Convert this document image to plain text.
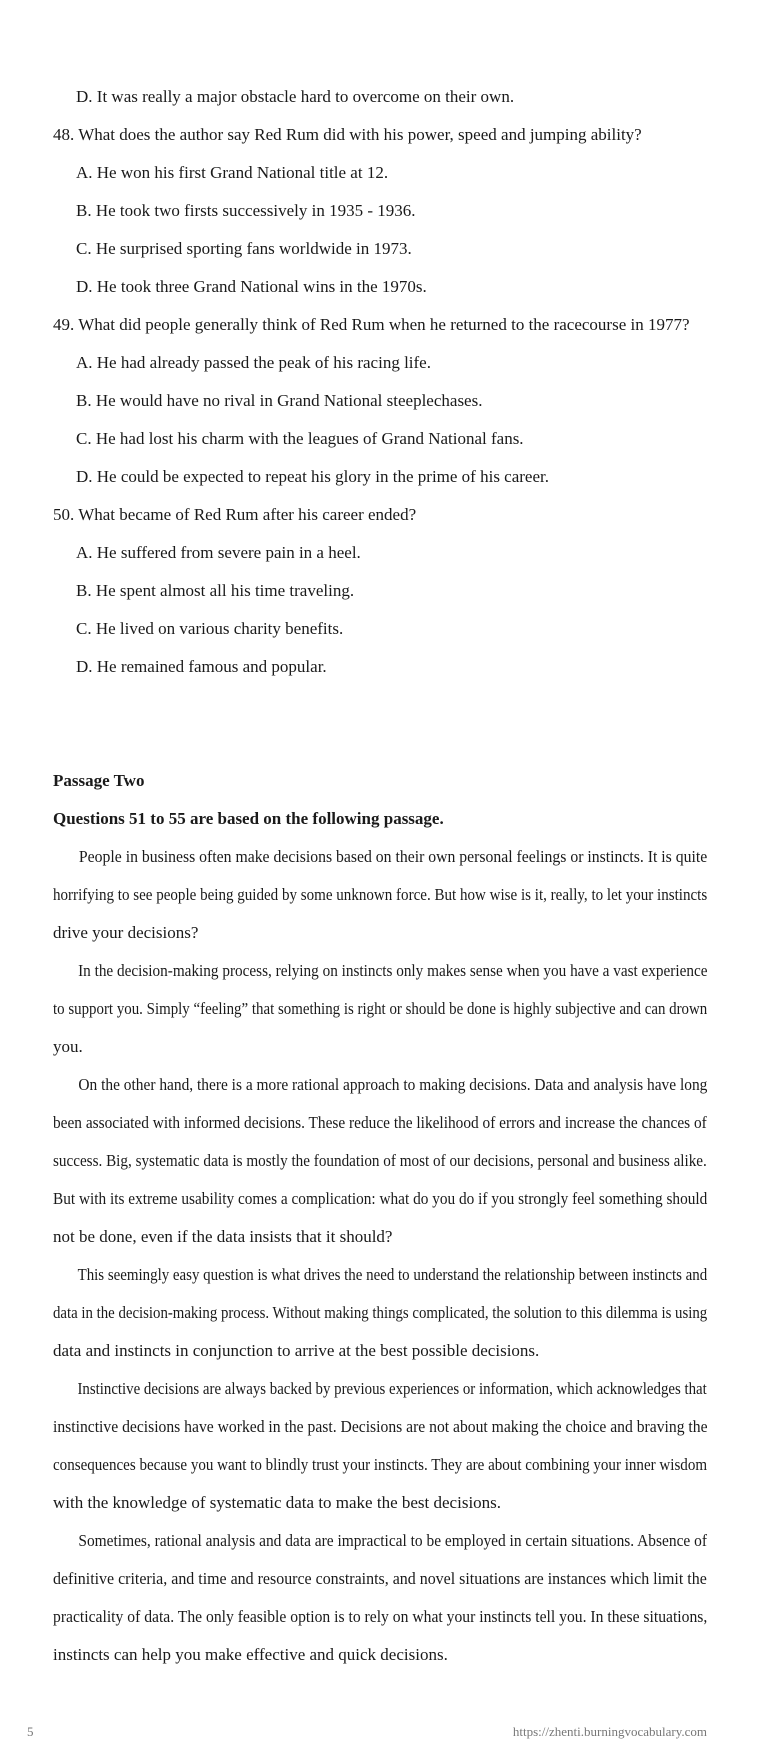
D. It was really a major obstacle hard to overcome on their own.
48. What does the author say Red Rum did with his power, speed and jumping ability?
A. He won his first Grand National title at 12.
B. He took two firsts successively in 1935 - 1936.
C. He surprised sporting fans worldwide in 1973.
D. He took three Grand National wins in the 1970s.
49. What did people generally think of Red Rum when he returned to the racecourse in 1977?
A. He had already passed the peak of his racing life.
B. He would have no rival in Grand National steeplechases.
C. He had lost his charm with the leagues of Grand National fans.
D. He could be expected to repeat his glory in the prime of his career.
50. What became of Red Rum after his career ended?
A. He suffered from severe pain in a heel.
B. He spent almost all his time traveling.
C. He lived on various charity benefits.
D. He remained famous and popular.
Passage Two
Questions 51 to 55 are based on the following passage.
People in business often make decisions based on their own personal feelings or instincts. It is quite
horrifying to see people being guided by some unknown force. But how wise is it, really, to let your instincts
drive your decisions?
In the decision-making process, relying on instincts only makes sense when you have a vast experience
to support you. Simply “feeling” that something is right or should be done is highly subjective and can drown
you.
On the other hand, there is a more rational approach to making decisions. Data and analysis have long
been associated with informed decisions. These reduce the likelihood of errors and increase the chances of
success. Big, systematic data is mostly the foundation of most of our decisions, personal and business alike.
But with its extreme usability comes a complication: what do you do if you strongly feel something should
not be done, even if the data insists that it should?
This seemingly easy question is what drives the need to understand the relationship between instincts and
data in the decision-making process. Without making things complicated, the solution to this dilemma is using
data and instincts in conjunction to arrive at the best possible decisions.
Instinctive decisions are always backed by previous experiences or information, which acknowledges that
instinctive decisions have worked in the past. Decisions are not about making the choice and braving the
consequences because you want to blindly trust your instincts. They are about combining your inner wisdom
with the knowledge of systematic data to make the best decisions.
Sometimes, rational analysis and data are impractical to be employed in certain situations. Absence of
definitive criteria, and time and resource constraints, and novel situations are instances which limit the
practicality of data. The only feasible option is to rely on what your instincts tell you. In these situations,
instincts can help you make effective and quick decisions.
5	https://zhenti.burningvocabulary.com
